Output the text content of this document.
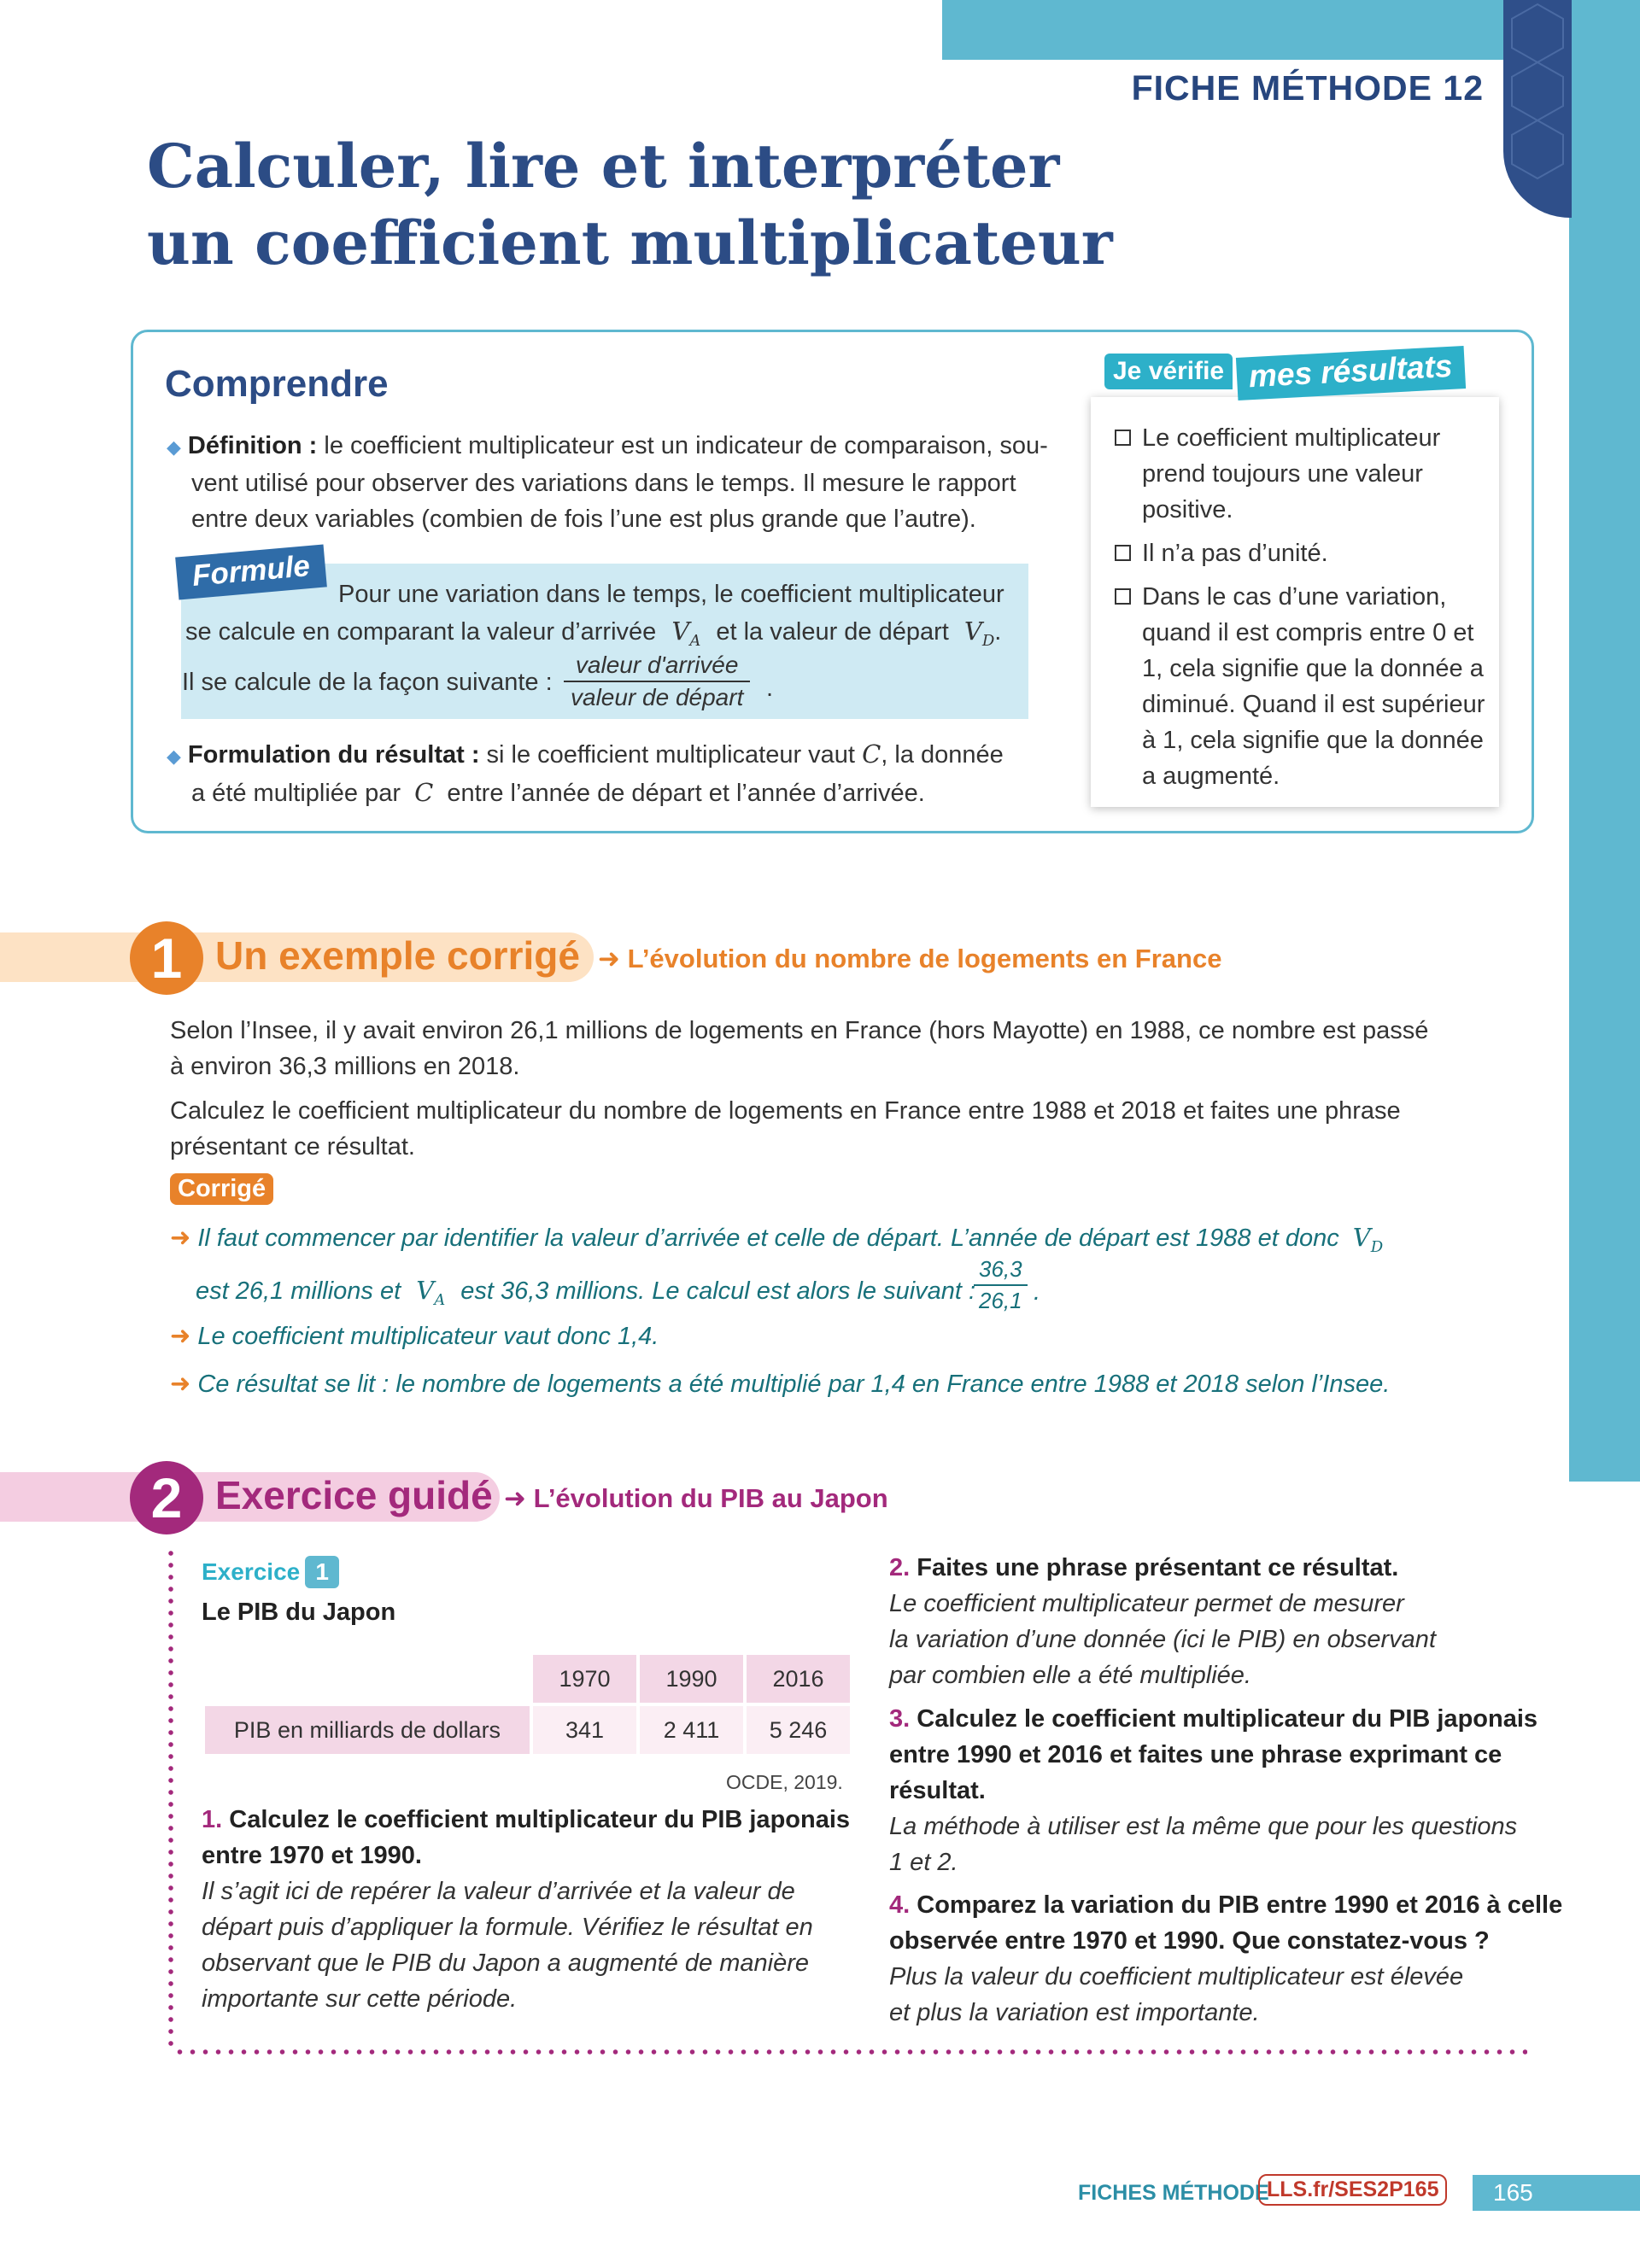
FICHE MÉTHODE 12
Calculer, lire et interpréter
un coefficient multiplicateur
Comprendre
◆ Définition : le coefficient multiplicateur est un indicateur de comparaison, sou-
vent utilisé pour observer des variations dans le temps. Il mesure le rapport
entre deux variables (combien de fois l’une est plus grande que l’autre).
Formule
Pour une variation dans le temps, le coefficient multiplicateur
se calcule en comparant la valeur d’arrivée $V_A$ et la valeur de départ $V_D$.
Il se calcule de la façon suivante :
valeur d'arrivée
valeur de départ .
◆ Formulation du résultat : si le coefficient multiplicateur vaut C, la donnée
a été multipliée par C entre l’année de départ et l’année d’arrivée.
Je vérifie mes résultats
Le coefficient multiplicateur prend toujours une valeur positive.
Il n’a pas d’unité.
Dans le cas d’une variation, quand il est compris entre 0 et 1, cela signifie que la donnée a diminué. Quand il est supérieur à 1, cela signifie que la donnée a augmenté.
1 Un exemple corrigé ➜ L’évolution du nombre de logements en France
Selon l’Insee, il y avait environ 26,1 millions de logements en France (hors Mayotte) en 1988, ce nombre est passé
à environ 36,3 millions en 2018.
Calculez le coefficient multiplicateur du nombre de logements en France entre 1988 et 2018 et faites une phrase
présentant ce résultat.
Corrigé
➜ Il faut commencer par identifier la valeur d’arrivée et celle de départ. L’année de départ est 1988 et donc $V_D$
est 26,1 millions et $V_A$ est 36,3 millions. Le calcul est alors le suivant :
$\frac{36,3}{26,1}$ .
➜ Le coefficient multiplicateur vaut donc 1,4.
➜ Ce résultat se lit : le nombre de logements a été multiplié par 1,4 en France entre 1988 et 2018 selon l’Insee.
2 Exercice guidé ➜ L’évolution du PIB au Japon
Exercice 1
Le PIB du Japon
	1970	1990	2016
PIB en milliards de dollars	341	2 411	5 246
OCDE, 2019.
1. Calculez le coefficient multiplicateur du PIB japonais
entre 1970 et 1990.
Il s’agit ici de repérer la valeur d’arrivée et la valeur de
départ puis d’appliquer la formule. Vérifiez le résultat en
observant que le PIB du Japon a augmenté de manière
importante sur cette période.
2. Faites une phrase présentant ce résultat.
Le coefficient multiplicateur permet de mesurer
la variation d’une donnée (ici le PIB) en observant
par combien elle a été multipliée.
3. Calculez le coefficient multiplicateur du PIB japonais
entre 1990 et 2016 et faites une phrase exprimant ce
résultat.
La méthode à utiliser est la même que pour les questions
1 et 2.
4. Comparez la variation du PIB entre 1990 et 2016 à celle
observée entre 1970 et 1990. Que constatez-vous ?
Plus la valeur du coefficient multiplicateur est élevée
et plus la variation est importante.
FICHES MÉTHODE
LLS.fr/SES2P165	165
